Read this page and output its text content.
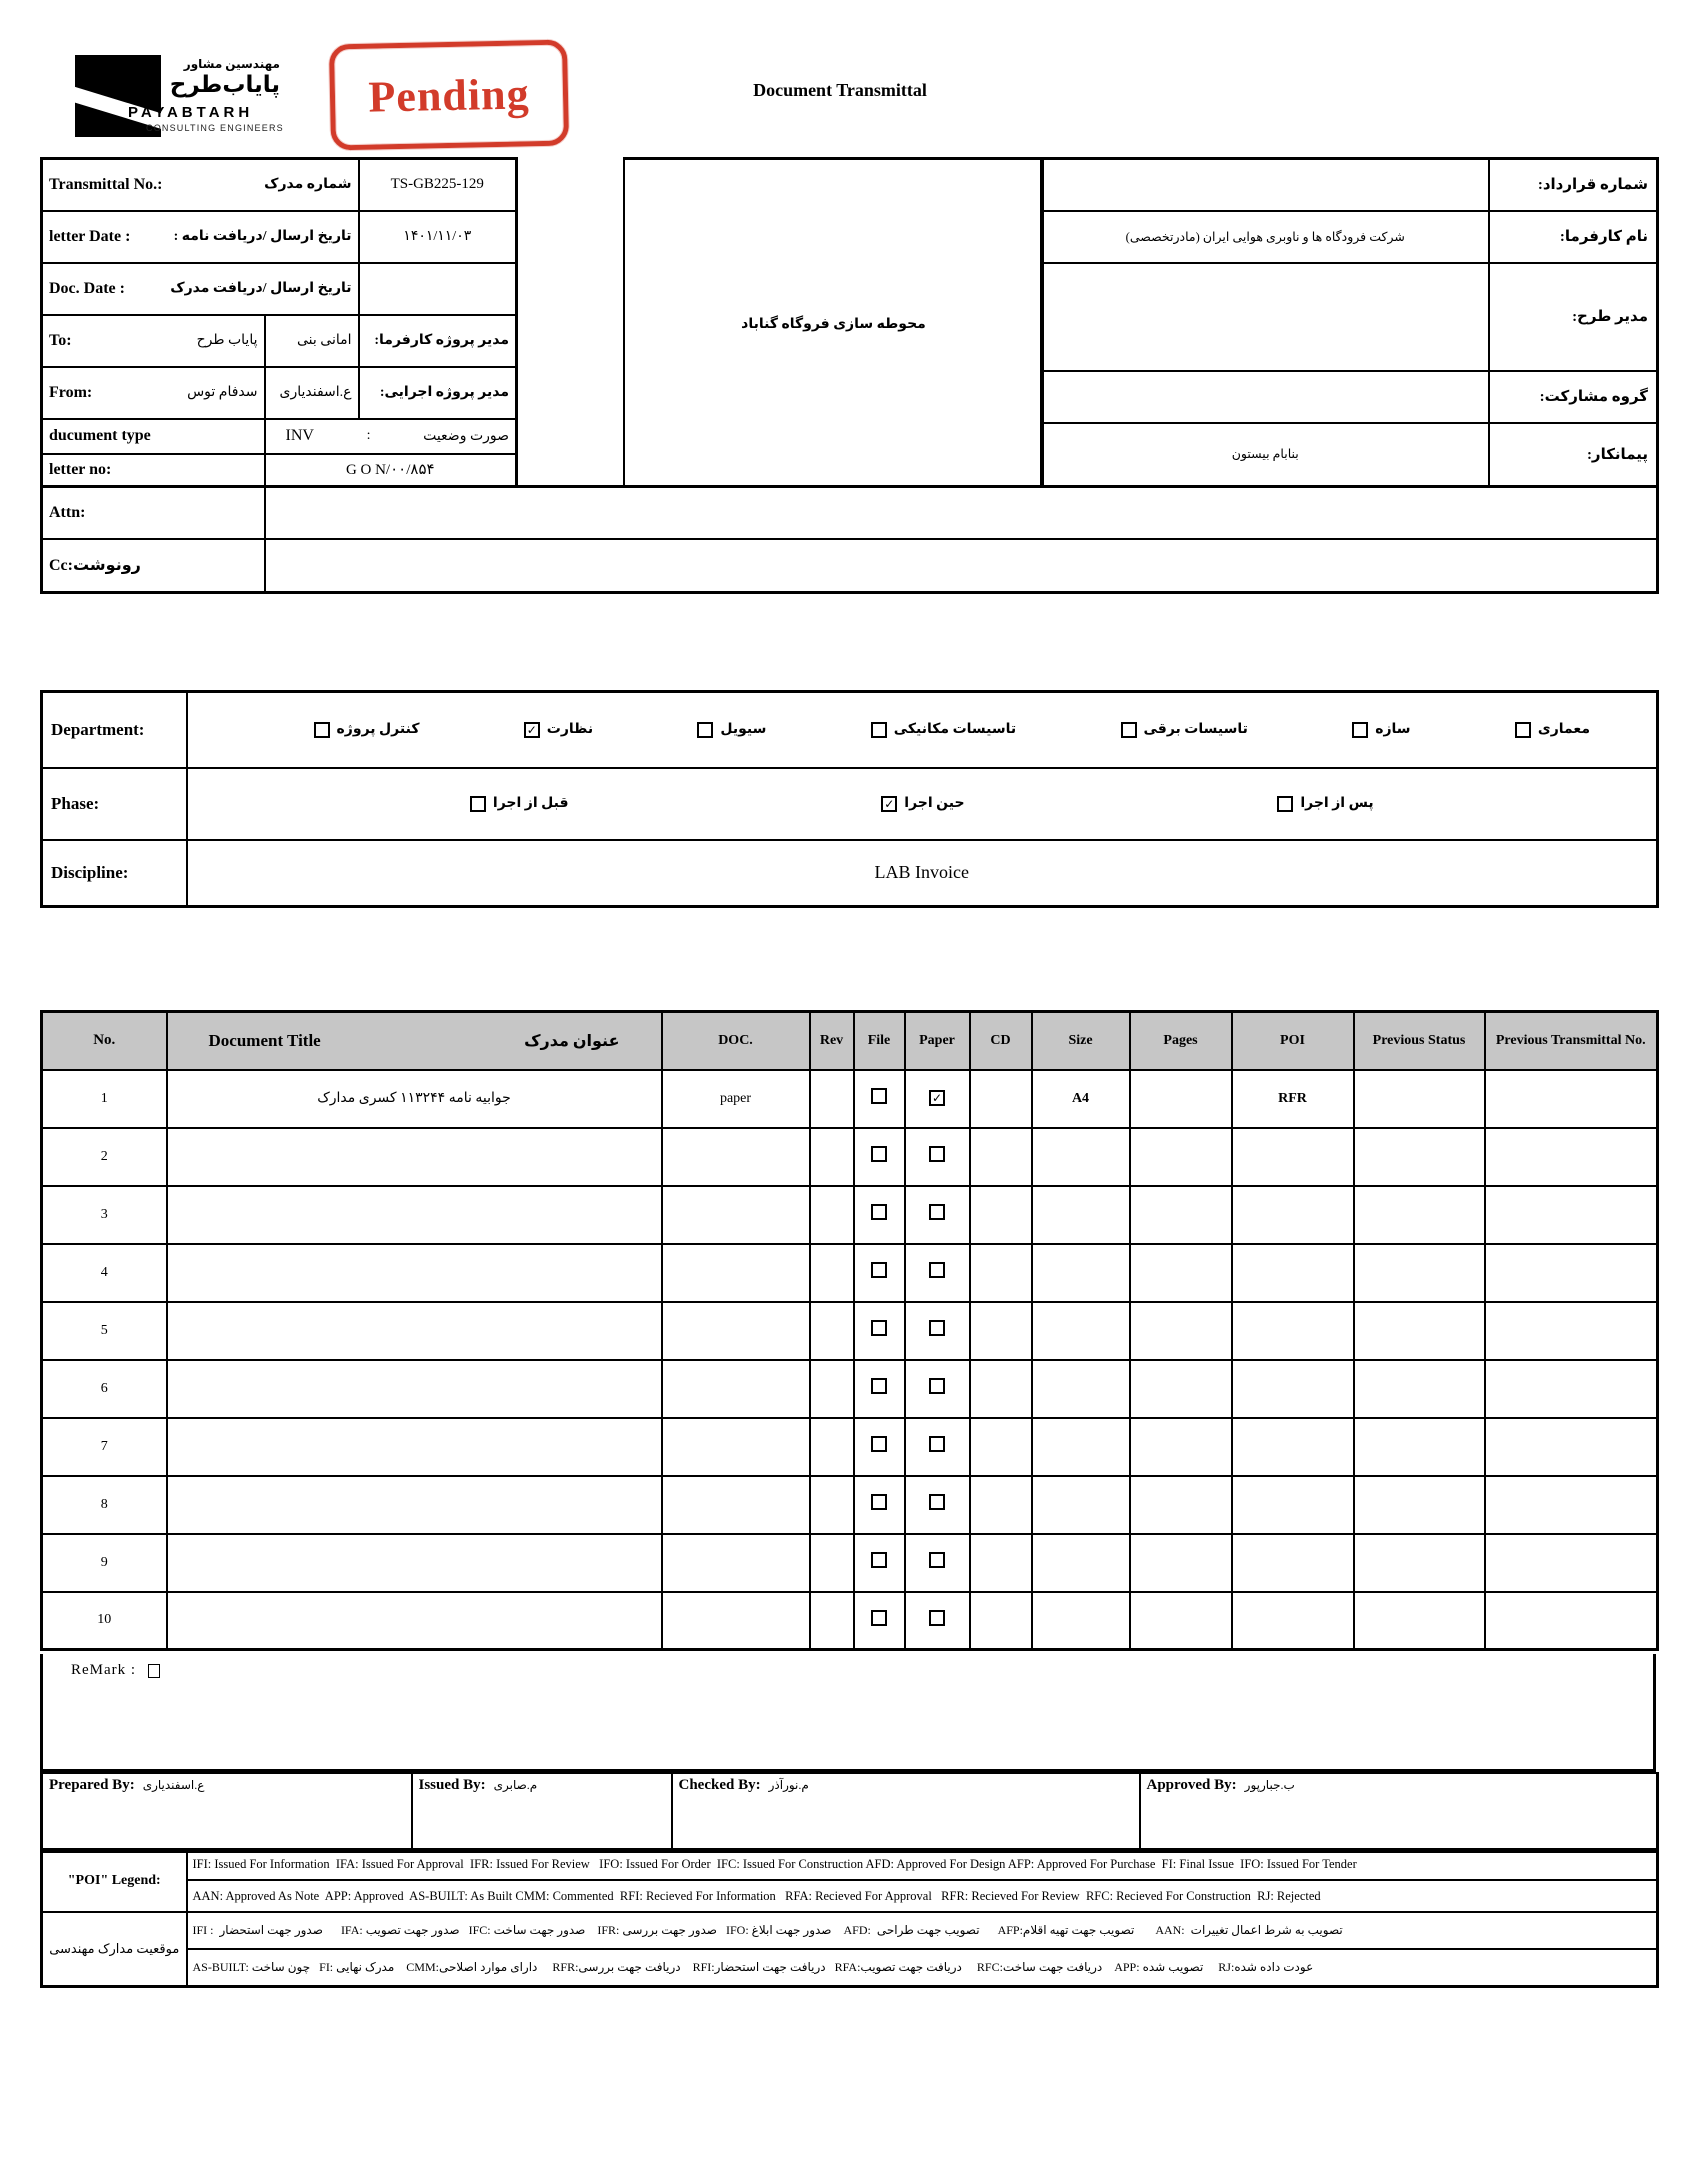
مهندسین مشاور
پایاب‌طرح
PAYABTARH
CONSULTING ENGINEERS
Pending	Document Transmittal
Transmittal No.: شماره مدرک		TS-GB225-129

letter Date : تاریخ ارسال /دریافت نامه :		۱۴۰۱/۱۱/۰۳

Doc. Date : تاریخ ارسال /دریافت مدرک		

To: پایاب طرح	امانی بنی	مدیر پروژه کارفرما:

From: سدفام توس	ع.اسفندیاری	مدیر پروژه اجرایی:
ducument type	INV : صورت وضعیت	

letter no:	G O N/۰۰/۸۵۴	
Attn:	
Cc:رونوشت	
محوطه سازی فروگاه گناباد
	شماره قرارداد:
شرکت فرودگاه ها و ناوبری هوایی ایران (مادرتخصصی)	نام کارفرما:
	مدیر طرح:
	گروه مشارکت:
بنابام بیستون	پیمانکار:
Department:	معماری
سازه
تاسیسات برقی
تاسیسات مکانیکی
سیویل
✓ نظارت
کنترل پروژه

Phase:	پس از اجرا
✓ حین اجرا
قبل از اجرا

Discipline:	LAB Invoice
No.	Document Title عنوان مدرک	DOC.	Rev	File	Paper	CD	Size	Pages	POI	Previous Status	Previous Transmittal No.
1	جوابیه نامه ۱۱۳۲۴۴ کسری مدارک	paper			✓		A4		RFR		
2											
3											
4											
5											
6											
7											
8											
9											
10											
ReMark :
Prepared By: ع.اسفندیاری	Issued By: م.صابری	Checked By: م.نورآذر	Approved By: ب.جبارپور
"POI" Legend:	IFI: Issued For Information  IFA: Issued For Approval  IFR: Issued For Review   IFO: Issued For Order  IFC: Issued For Construction AFD: Approved For Design AFP: Approved For Purchase  FI: Final Issue  IFO: Issued For Tender
	AAN: Approved As Note  APP: Approved  AS-BUILT: As Built CMM: Commented  RFI: Recieved For Information   RFA: Recieved For Approval   RFR: Recieved For Review  RFC: Recieved For Construction  RJ: Rejected
موقعیت مدارک مهندسی	IFI :  صدور جهت استحضار      IFA: صدور جهت تصویب   IFC: صدور جهت ساخت    IFR: صدور جهت بررسی   IFO: صدور جهت ابلاغ    AFD:  تصویب جهت طراحی      AFP:تصویب جهت تهیه اقلام       AAN:  تصویب به شرط اعمال تغییرات
	AS-BUILT: چون ساخت   FI: مدرک نهایی    CMM:دارای موارد اصلاحی     RFR:دریافت جهت بررسی    RFI:دریافت جهت استحضار   RFA:دریافت جهت تصویب     RFC:دریافت جهت ساخت    APP: تصویب شده     RJ:عودت داده شده
